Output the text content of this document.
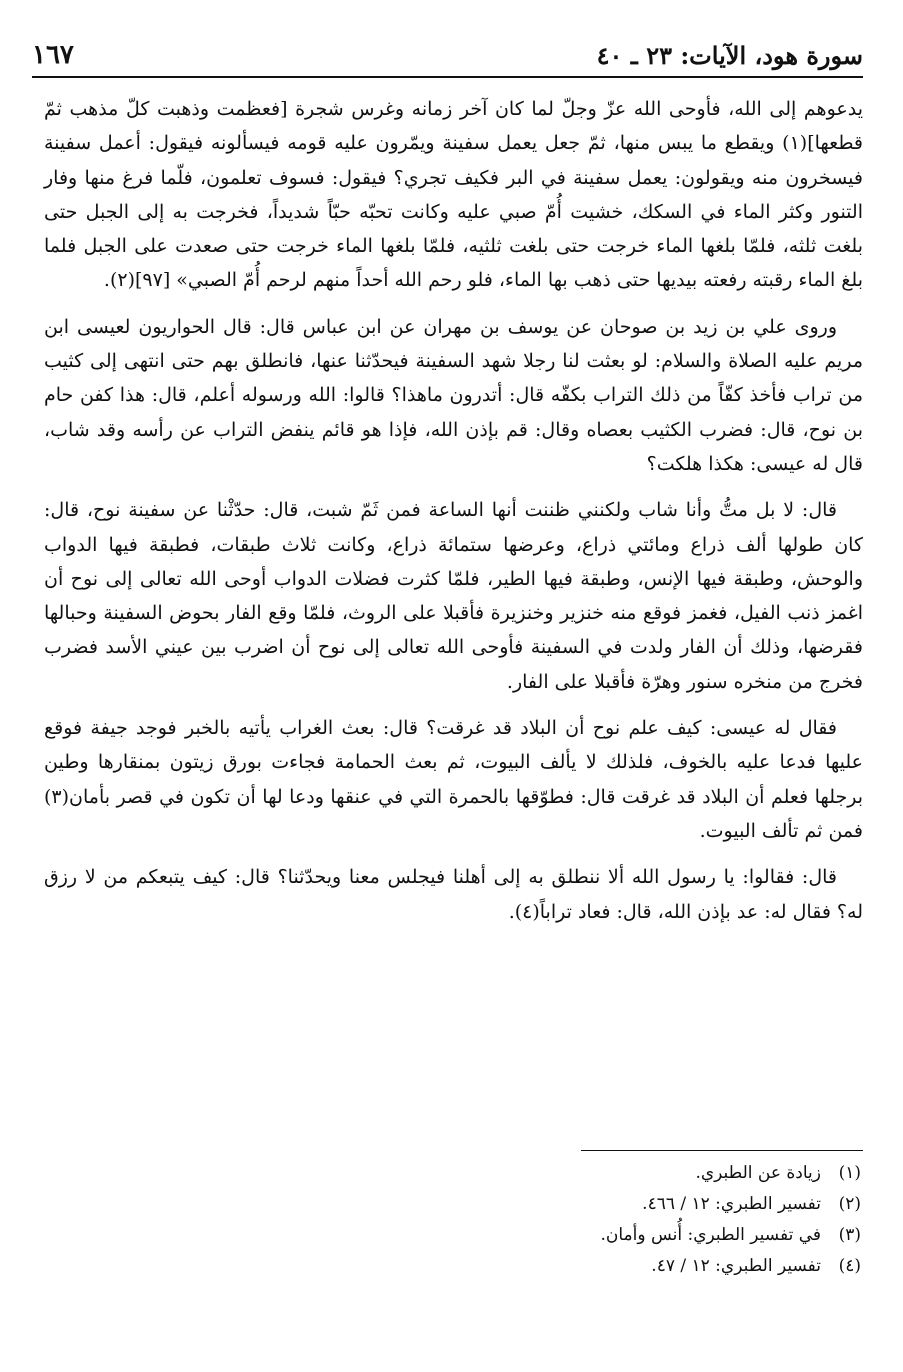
١٦٧	سورة هود، الآيات: ٢٣ ـ ٤٠

يدعوهم إلى الله، فأوحى الله عزّ وجلّ لما كان آخر زمانه وغرس شجرة [فعظمت وذهبت كلّ مذهب ثمّ قطعها](١) ويقطع ما يبس منها، ثمّ جعل يعمل سفينة ويمّرون عليه قومه فيسألونه فيقول: أعمل سفينة فيسخرون منه ويقولون: يعمل سفينة في البر فكيف تجري؟ فيقول: فسوف تعلمون، فلّما فرغ منها وفار التنور وكثر الماء في السكك، خشيت أُمّ صبي عليه وكانت تحبّه حبّاً شديداً، فخرجت به إلى الجبل حتى بلغت ثلثه، فلمّا بلغها الماء خرجت حتى بلغت ثلثيه، فلمّا بلغها الماء خرجت حتى صعدت على الجبل فلما بلغ الماء رقبته رفعته بيديها حتى ذهب بها الماء، فلو رحم الله أحداً منهم لرحم أُمّ الصبي» [٩٧](٢).

وروى علي بن زيد بن صوحان عن يوسف بن مهران عن ابن عباس قال: قال الحواريون لعيسى ابن مريم عليه الصلاة والسلام: لو بعثت لنا رجلا شهد السفينة فيحدّثنا عنها، فانطلق بهم حتى انتهى إلى كثيب من تراب فأخذ كفّاً من ذلك التراب بكفّه قال: أتدرون ماهذا؟ قالوا: الله ورسوله أعلم، قال: هذا كفن حام بن نوح، قال: فضرب الكثيب بعصاه وقال: قم بإذن الله، فإذا هو قائم ينفض التراب عن رأسه وقد شاب، قال له عيسى: هكذا هلكت؟

قال: لا بل متُّ وأنا شاب ولكنني ظننت أنها الساعة فمن ثَمّ شبت، قال: حدّثْنا عن سفينة نوح، قال: كان طولها ألف ذراع ومائتي ذراع، وعرضها ستمائة ذراع، وكانت ثلاث طبقات، فطبقة فيها الدواب والوحش، وطبقة فيها الإنس، وطبقة فيها الطير، فلمّا كثرت فضلات الدواب أوحى الله تعالى إلى نوح أن اغمز ذنب الفيل، فغمز فوقع منه خنزير وخنزيرة فأقبلا على الروث، فلمّا وقع الفار بحوض السفينة وحبالها فقرضها، وذلك أن الفار ولدت في السفينة فأوحى الله تعالى إلى نوح أن اضرب بين عيني الأسد فضرب فخرج من منخره سنور وهرّة فأقبلا على الفار.

فقال له عيسى: كيف علم نوح أن البلاد قد غرقت؟ قال: بعث الغراب يأتيه بالخبر فوجد جيفة فوقع عليها فدعا عليه بالخوف، فلذلك لا يألف البيوت، ثم بعث الحمامة فجاءت بورق زيتون بمنقارها وطين برجلها فعلم أن البلاد قد غرقت قال: فطوّقها بالحمرة التي في عنقها ودعا لها أن تكون في قصر بأمان(٣) فمن ثم تألف البيوت.

قال: فقالوا: يا رسول الله ألا ننطلق به إلى أهلنا فيجلس معنا ويحدّثنا؟ قال: كيف يتبعكم من لا رزق له؟ فقال له: عد بإذن الله، قال: فعاد تراباً(٤).

(١)
زيادة عن الطبري.
(٢)
تفسير الطبري: ١٢ / ٤٦٦.
(٣)
في تفسير الطبري: أُنس وأمان.
(٤)
تفسير الطبري: ١٢ / ٤٧.
